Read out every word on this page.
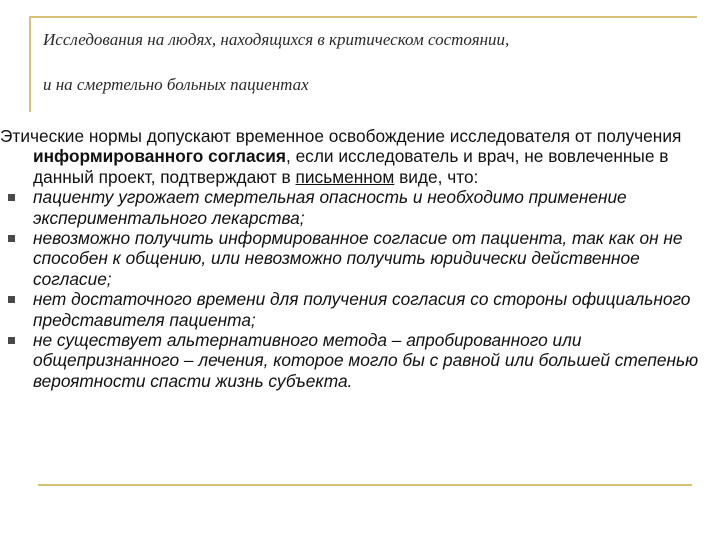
Исследования на людях, находящихся в критическом состоянии,
и на смертельно больных пациентах

Этические нормы допускают временное освобождение исследователя от получения информированного согласия, если исследователь и врач, не вовлеченные в данный проект, подтверждают в письменном виде, что:

пациенту угрожает смертельная опасность и необходимо применение экспериментального лекарства;
невозможно получить информированное согласие от пациента, так как он не способен к общению, или невозможно получить юридически действенное согласие;
нет достаточного времени для получения согласия со стороны официального представителя пациента;
не существует альтернативного метода – апробированного или общепризнанного – лечения, которое могло бы с равной или большей степенью вероятности спасти жизнь субъекта.
